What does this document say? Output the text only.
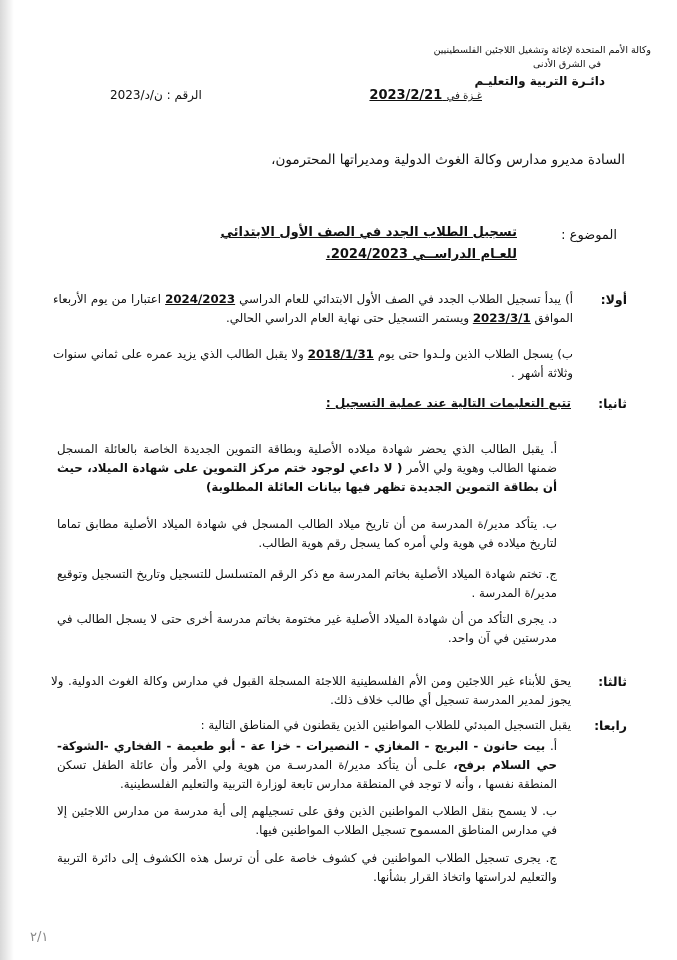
وكالة الأمم المتحدة لإغاثة وتشغيل اللاجئين الفلسطينيين
في الشرق الأدنى
دائـرة التربية والتعليـم
غـزة في 2023/2/21
الرقم : ن/د/2023
السادة مديرو مدارس وكالة الغوث الدولية ومديراتها المحترمون،
الموضوع :
تسجيل الطلاب الجدد في الصف الأول الابتدائي
للعـام الدراســي 2024/2023.
أولا:
أ) يبدأ تسجيل الطلاب الجدد في الصف الأول الابتدائي للعام الدراسي 2024/2023 اعتبارا من يوم الأربعاء الموافق 2023/3/1 ويستمر التسجيل حتى نهاية العام الدراسي الحالي.
ب) يسجل الطلاب الذين ولـدوا حتى يوم 2018/1/31 ولا يقبل الطالب الذي يزيد عمره على ثماني سنوات وثلاثة أشهر .
ثانيا:
تتبع التعليمات التالية عند عملية التسجيل :
أ. يقبل الطالب الذي يحضر شهادة ميلاده الأصلية وبطاقة التموين الجديدة الخاصة بالعائلة المسجل ضمنها الطالب وهوية ولي الأمر ( لا داعي لوجود ختم مركز التموين على شهادة الميلاد، حيث أن بطاقة التموين الجديدة تظهر فيها بيانات العائلة المطلوبة)
ب. يتأكد مدير/ة المدرسة من أن تاريخ ميلاد الطالب المسجل في شهادة الميلاد الأصلية مطابق تماما لتاريخ ميلاده في هوية ولي أمره كما يسجل رقم هوية الطالب.
ج. تختم شهادة الميلاد الأصلية بخاتم المدرسة مع ذكر الرقم المتسلسل للتسجيل وتاريخ التسجيل وتوقيع مدير/ة المدرسة .
د. يجرى التأكد من أن شهادة الميلاد الأصلية غير مختومة بخاتم مدرسة أخرى حتى لا يسجل الطالب في مدرستين في آن واحد.
ثالثا:
يحق للأبناء غير اللاجئين ومن الأم الفلسطينية اللاجئة المسجلة القبول في مدارس وكالة الغوث الدولية. ولا يجوز لمدير المدرسة تسجيل أي طالب خلاف ذلك.
رابعا:
يقبل التسجيل المبدئي للطلاب المواطنين الذين يقطنون في المناطق التالية :
أ. بيت حانون - البريج - المغازي - النصيرات - خزا عة - أبو طعيمة - الفخاري -الشوكة- حي السلام برفح، علـى أن يتأكد مدير/ة المدرسـة من هوية ولي الأمر وأن عائلة الطفل تسكن المنطقة نفسها ، وأنه لا توجد في المنطقة مدارس تابعة لوزارة التربية والتعليم الفلسطينية.
ب. لا يسمح بنقل الطلاب المواطنين الذين وفق على تسجيلهم إلى أية مدرسة من مدارس اللاجئين إلا في مدارس المناطق المسموح تسجيل الطلاب المواطنين فيها.
ج. يجرى تسجيل الطلاب المواطنين في كشوف خاصة على أن ترسل هذه الكشوف إلى دائرة التربية والتعليم لدراستها واتخاذ القرار بشأنها.
٢/١
